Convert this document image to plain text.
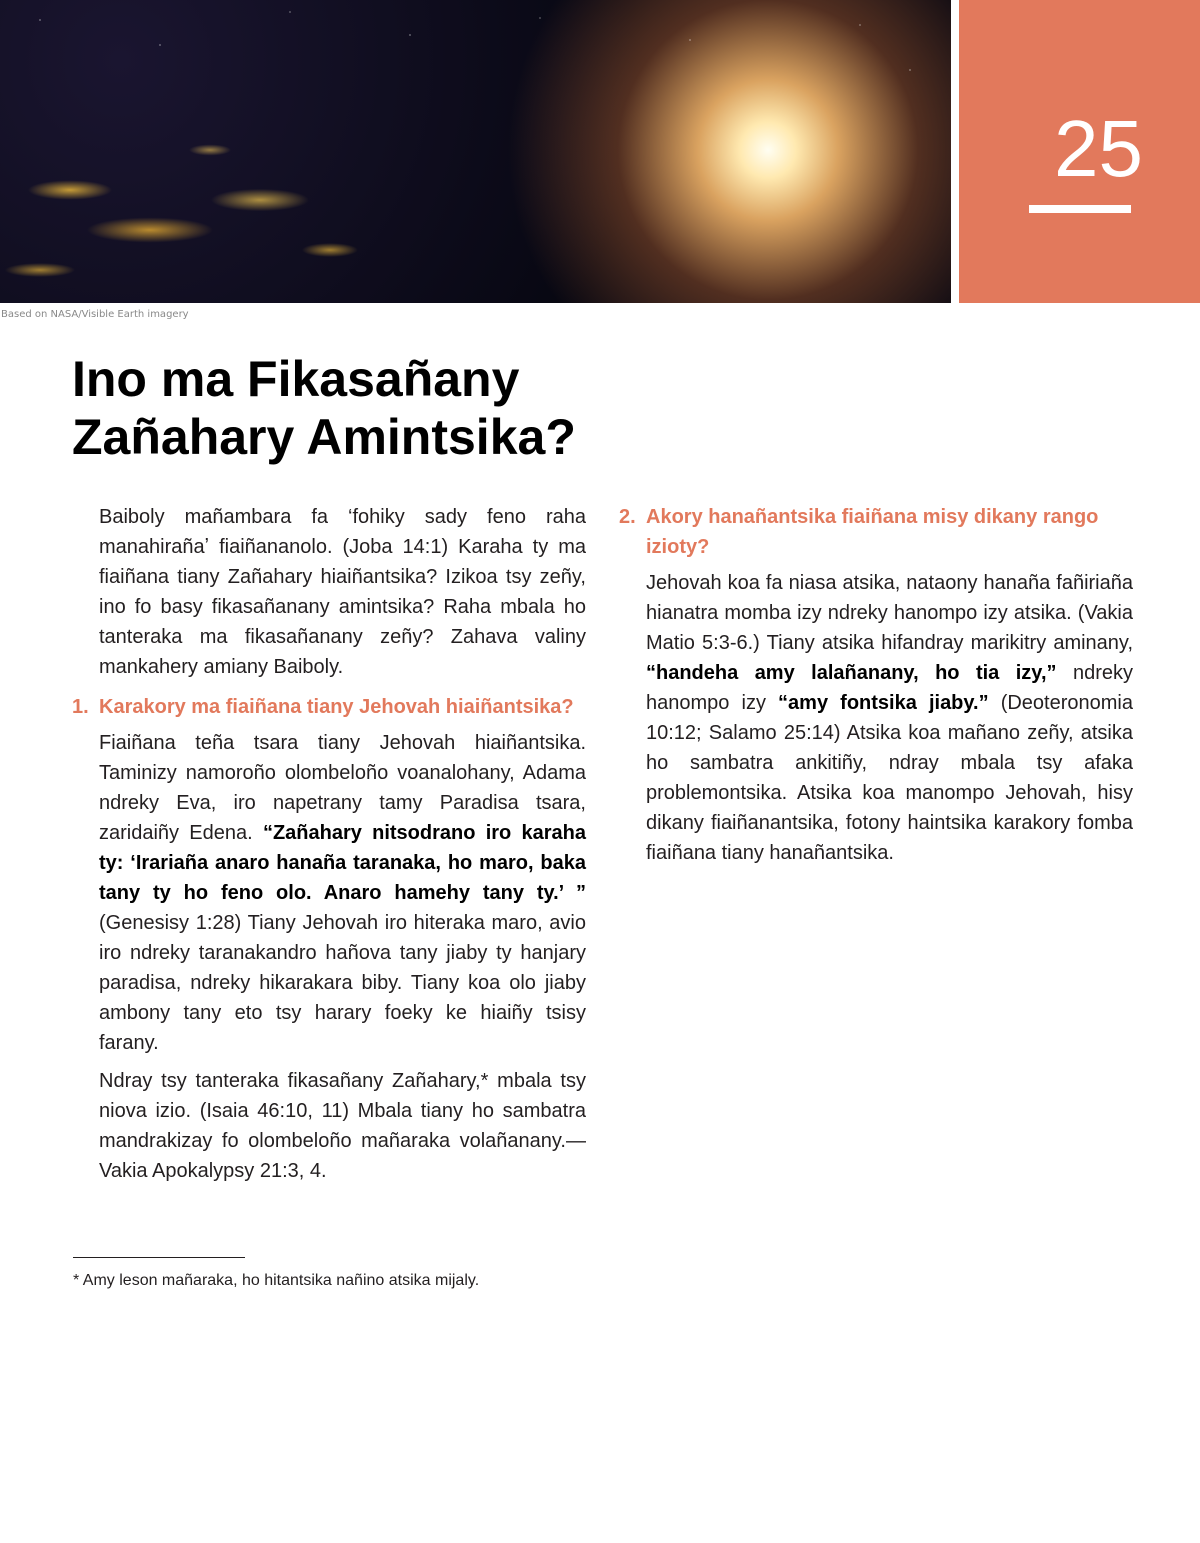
25
Based on NASA/Visible Earth imagery
Ino ma Fikasañany
Zañahary Amintsika?

Baiboly mañambara fa ‘fohiky sady feno raha manahirañaʼ fiaiñananolo. (Joba 14:1) Karaha ty ma fiaiñana tiany Zañahary hiaiñantsika? Izikoa tsy zeñy, ino fo basy fikasañanany amintsika? Raha mbala ho tanteraka ma fikasañanany zeñy? Zahava valiny mankahery amiany Baiboly.

1. Karakory ma fiaiñana tiany Jehovah hiaiñantsika?

Fiaiñana teña tsara tiany Jehovah hiaiñantsika. Taminizy namoroño olombeloño voanalohany, Adama ndreky Eva, iro napetrany tamy Paradisa tsara, zaridaiñy Edena. “Zañahary nitsodrano iro karaha ty: ‘Irariaña anaro hanaña taranaka, ho maro, baka tany ty ho feno olo. Anaro hamehy tany ty.’ ” (Genesisy 1:28) Tiany Jehovah iro hiteraka maro, avio iro ndreky taranakandro hañova tany jiaby ty hanjary paradisa, ndreky hikarakara biby. Tiany koa olo jiaby ambony tany eto tsy harary foeky ke hiaiñy tsisy farany.

Ndray tsy tanteraka fikasañany Zañahary,* mbala tsy niova izio. (Isaia 46:10, 11) Mbala tiany ho sambatra mandrakizay fo olombeloño mañaraka volañanany.—Vakia Apokalypsy 21:3, 4.

2. Akory hanañantsika fiaiñana misy dikany rango izioty?

Jehovah koa fa niasa atsika, nataony hanaña fañiriaña hianatra momba izy ndreky hanompo izy atsika. (Vakia Matio 5:3-6.) Tiany atsika hifandray marikitry aminany, “handeha amy lalañanany, ho tia izy,” ndreky hanompo izy “amy fontsika jiaby.” (Deoteronomia 10:12; Salamo 25:14) Atsika koa mañano zeñy, atsika ho sambatra ankitiñy, ndray mbala tsy afaka problemontsika. Atsika koa manompo Jehovah, hisy dikany fiaiñanantsika, fotony haintsika karakory fomba fiaiñana tiany hanañantsika.

* Amy leson mañaraka, ho hitantsika nañino atsika mijaly.
